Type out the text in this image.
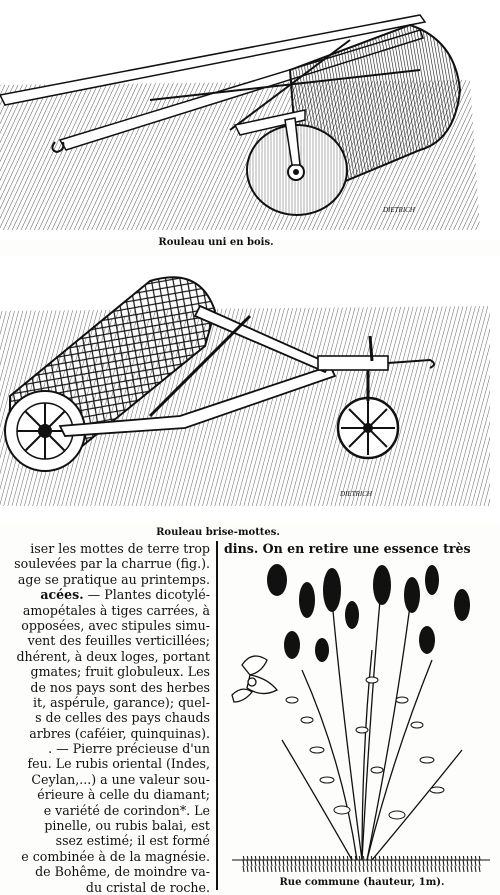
er, autour des racines, la terre
gelées de l'hiver ont soulevée,
DIETRICH
Rouleau uni en bois.
DIETRICH
Rouleau brise-mottes.
iser les mottes de terre trop
soulevées par la charrue (fig.).
age se pratique au printemps.
acées. — Plantes dicotylé-
amopétales à tiges carrées, à
opposées, avec stipules simu-
vent des feuilles verticillées;
dhérent, à deux loges, portant
gmates; fruit globuleux. Les
de nos pays sont des herbes
it, aspérule, garance); quel-
s de celles des pays chauds
arbres (caféier, quinquinas).
. — Pierre précieuse d'un
feu. Le rubis oriental (Indes,
Ceylan,...) a une valeur sou-
érieure à celle du diamant;
e variété de corindon*. Le
pinelle, ou rubis balai, est
ssez estimé; il est formé
e combinée à de la magnésie.
de Bohême, de moindre va-
du cristal de roche.
dins. On en retire une essence très
Rue commune (hauteur, 1m).
